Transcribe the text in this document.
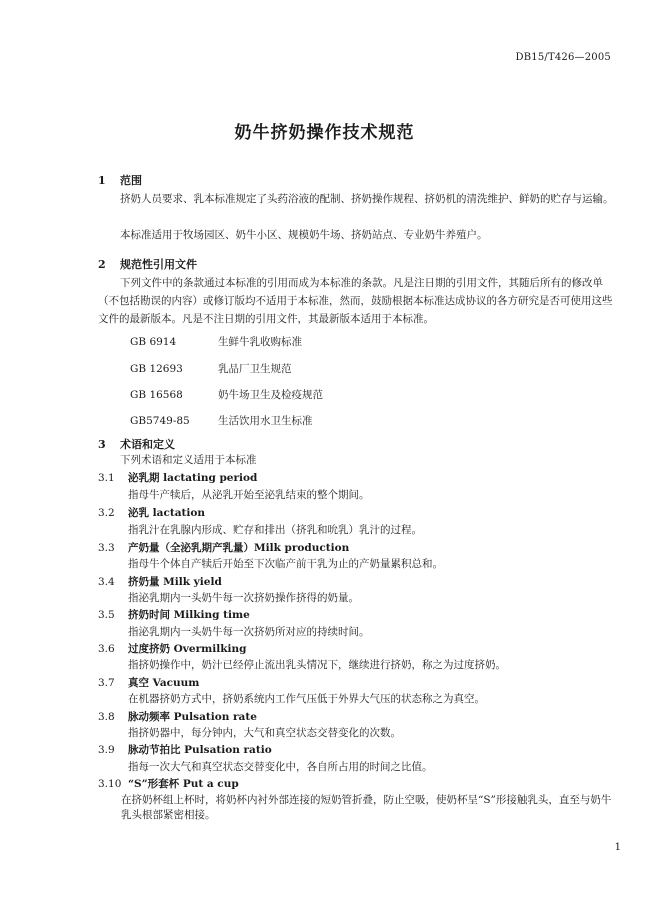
DB15/T426—2005
奶牛挤奶操作技术规范
1 范围
挤奶人员要求、乳本标准规定了头药浴液的配制、挤奶操作规程、挤奶机的清洗维护、鲜奶的贮存与运输。
本标准适用于牧场园区、奶牛小区、规模奶牛场、挤奶站点、专业奶牛养殖户。
2 规范性引用文件
下列文件中的条款通过本标准的引用而成为本标准的条款。凡是注日期的引用文件，其随后所有的修改单（不包括勘误的内容）或修订版均不适用于本标准，然而，鼓励根据本标准达成协议的各方研究是否可使用这些文件的最新版本。凡是不注日期的引用文件，其最新版本适用于本标准。
GB 6914	生鲜牛乳收购标准
GB 12693	乳品厂卫生规范
GB 16568	奶牛场卫生及检疫规范
GB5749-85	生活饮用水卫生标准
3 术语和定义
下列术语和定义适用于本标准
3.1 泌乳期 lactating period
指母牛产犊后，从泌乳开始至泌乳结束的整个期间。
3.2 泌乳 lactation
指乳汁在乳腺内形成、贮存和排出（挤乳和吮乳）乳汁的过程。
3.3 产奶量（全泌乳期产乳量）Milk production
指母牛个体自产犊后开始至下次临产前干乳为止的产奶量累积总和。
3.4 挤奶量 Milk yield
指泌乳期内一头奶牛每一次挤奶操作挤得的奶量。
3.5 挤奶时间 Milking time
指泌乳期内一头奶牛每一次挤奶所对应的持续时间。
3.6 过度挤奶 Overmilking
指挤奶操作中，奶汁已经停止流出乳头情况下，继续进行挤奶，称之为过度挤奶。
3.7 真空 Vacuum
在机器挤奶方式中，挤奶系统内工作气压低于外界大气压的状态称之为真空。
3.8 脉动频率 Pulsation rate
指挤奶器中，每分钟内，大气和真空状态交替变化的次数。
3.9 脉动节拍比 Pulsation ratio
指每一次大气和真空状态交替变化中，各自所占用的时间之比值。
3.10 “S”形套杯 Put a cup
在挤奶杯组上杯时，将奶杯内衬外部连接的短奶管折叠，防止空吸，使奶杯呈“S”形接触乳头，直至与奶牛乳头根部紧密相接。
1
